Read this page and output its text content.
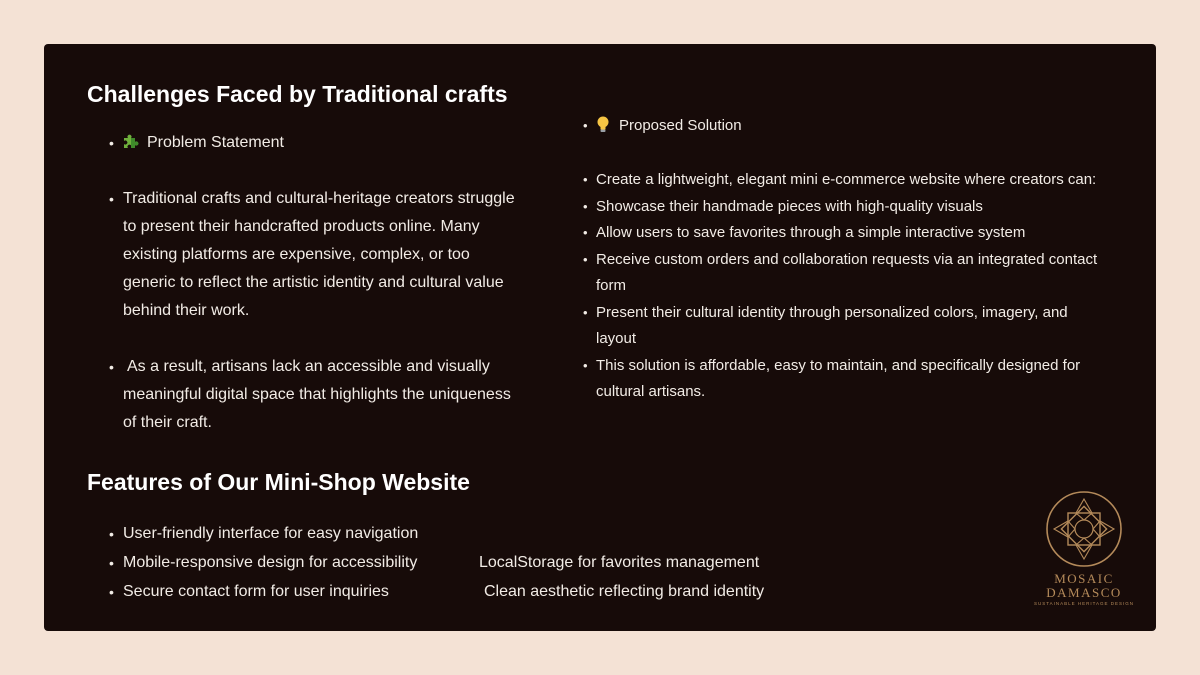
Challenges Faced by Traditional crafts
• Problem Statement
• Traditional crafts and cultural-heritage creators struggle
to present their handcrafted products online. Many
existing platforms are expensive, complex, or too
generic to reflect the artistic identity and cultural value
behind their work.
• As a result, artisans lack an accessible and visually
meaningful digital space that highlights the uniqueness
of their craft.
• Proposed Solution
• Create a lightweight, elegant mini e-commerce website where creators can:
• Showcase their handmade pieces with high-quality visuals
• Allow users to save favorites through a simple interactive system
• Receive custom orders and collaboration requests via an integrated contact
form
• Present their cultural identity through personalized colors, imagery, and
layout
• This solution is affordable, easy to maintain, and specifically designed for
cultural artisans.
Features of Our Mini-Shop Website
• User-friendly interface for easy navigation
• Mobile-responsive design for accessibility
• Secure contact form for user inquiries
LocalStorage for favorites management
Clean aesthetic reflecting brand identity
MOSAIC
DAMASCO
SUSTAINABLE HERITAGE DESIGN
